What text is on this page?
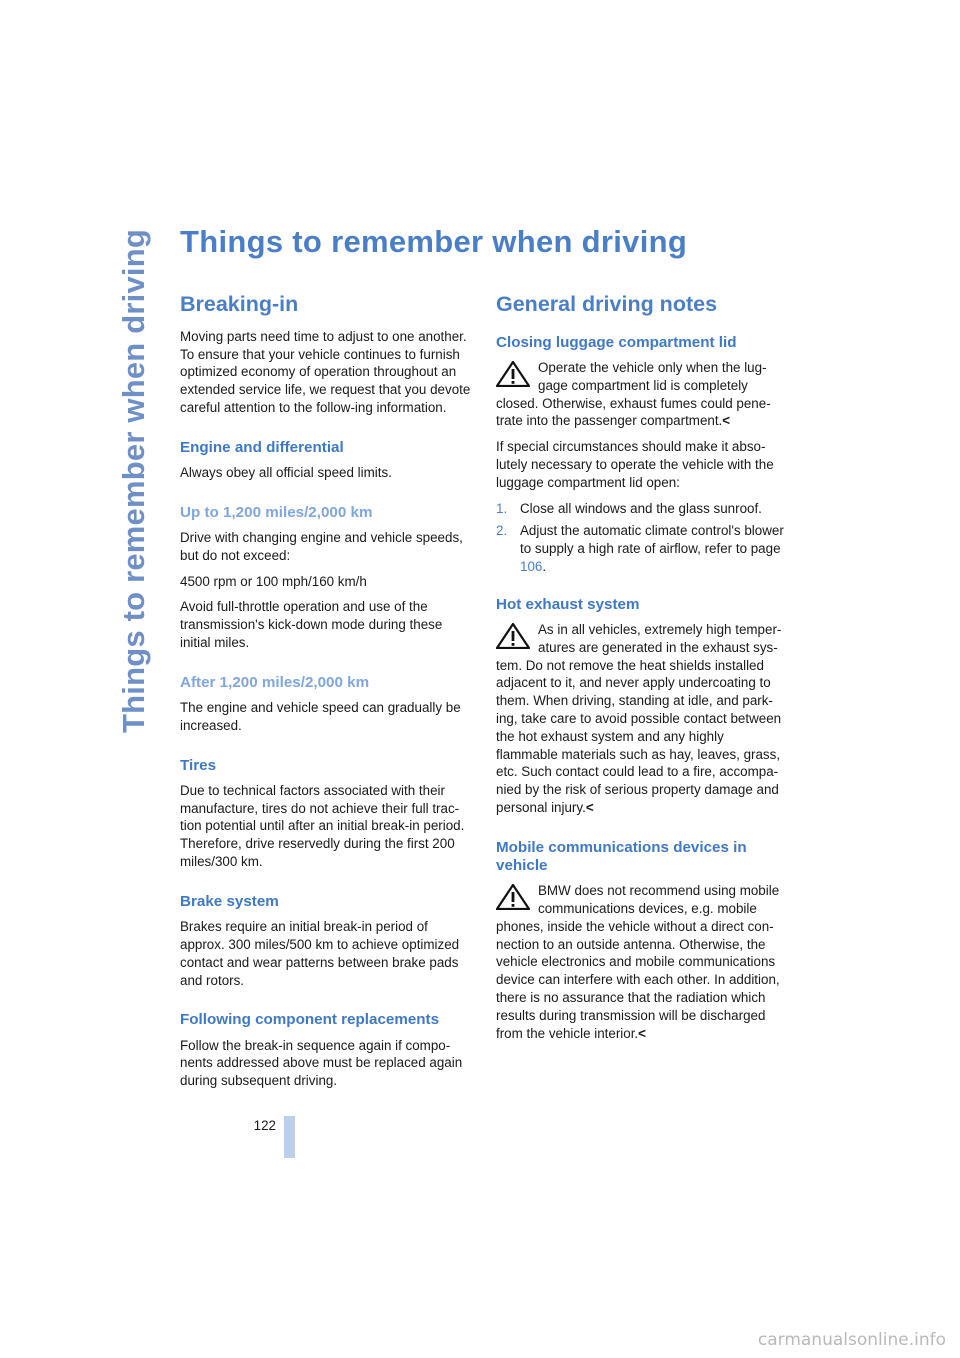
Things to remember when driving Things to remember when driving
Breaking-in

Moving parts need time to adjust to one another. To ensure that your vehicle continues to furnish optimized economy of operation throughout an extended service life, we request that you devote careful attention to the follow-ing information.

Engine and differential

Always obey all official speed limits.

Up to 1,200 miles/2,000 km

Drive with changing engine and vehicle speeds, but do not exceed:

4500 rpm or 100 mph/160 km/h

Avoid full-throttle operation and use of the transmission's kick-down mode during these initial miles.

After 1,200 miles/2,000 km

The engine and vehicle speed can gradually be increased.

Tires

Due to technical factors associated with their manufacture, tires do not achieve their full trac-tion potential until after an initial break-in period. Therefore, drive reservedly during the first 200 miles/300 km.

Brake system

Brakes require an initial break-in period of approx. 300 miles/500 km to achieve optimized contact and wear patterns between brake pads and rotors.

Following component replacements

Follow the break-in sequence again if compo-nents addressed above must be replaced again during subsequent driving.

General driving notes
Closing luggage compartment lid

Operate the vehicle only when the lug-gage compartment lid is completely closed. Otherwise, exhaust fumes could pene-trate into the passenger compartment.<

If special circumstances should make it abso-lutely necessary to operate the vehicle with the luggage compartment lid open:

1. Close all windows and the glass sunroof.
2. Adjust the automatic climate control's blower to supply a high rate of airflow, refer to page 106.
Hot exhaust system

As in all vehicles, extremely high temper-atures are generated in the exhaust sys-tem. Do not remove the heat shields installed adjacent to it, and never apply undercoating to them. When driving, standing at idle, and park-ing, take care to avoid possible contact between the hot exhaust system and any highly flammable materials such as hay, leaves, grass, etc. Such contact could lead to a fire, accompa-nied by the risk of serious property damage and personal injury.<

Mobile communications devices in vehicle

BMW does not recommend using mobile communications devices, e.g. mobile phones, inside the vehicle without a direct con-nection to an outside antenna. Otherwise, the vehicle electronics and mobile communications device can interfere with each other. In addition, there is no assurance that the radiation which results during transmission will be discharged from the vehicle interior.<

122
carmanualsonline.info
